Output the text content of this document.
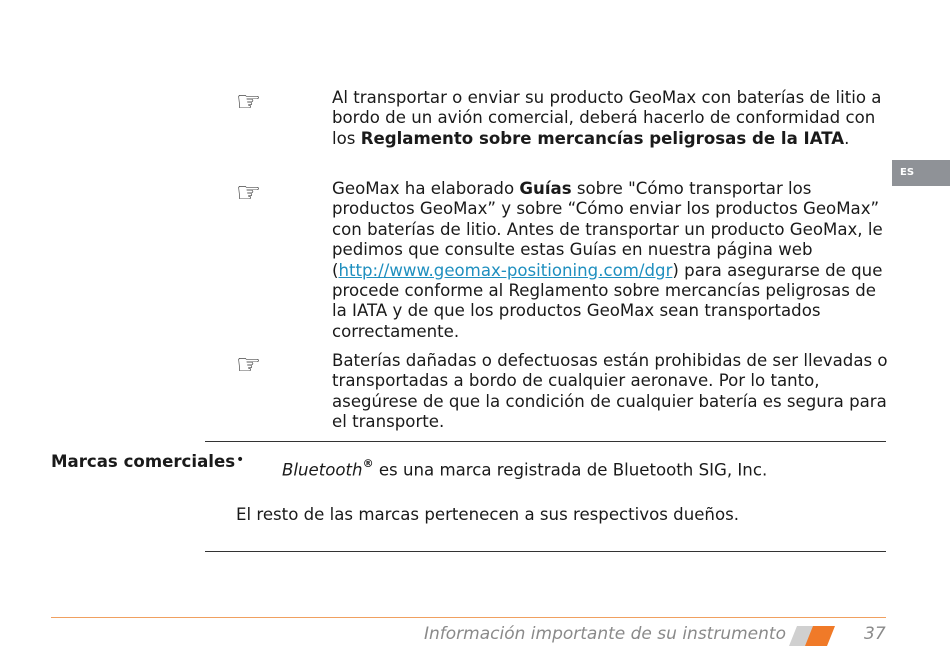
☞	Al transportar o enviar su producto GeoMax con baterías de litio a bordo de un avión comercial, deberá hacerlo de conformidad con los Reglamento sobre mercancías peligrosas de la IATA.
☞	GeoMax ha elaborado Guías sobre "Cómo transportar los productos GeoMax” y sobre “Cómo enviar los productos GeoMax” con baterías de litio. Antes de transportar un producto GeoMax, le pedimos que consulte estas Guías en nuestra página web (http://www.geomax-positioning.com/dgr) para asegurarse de que procede conforme al Reglamento sobre mercancías peligrosas de la IATA y de que los productos GeoMax sean transportados correctamente.
☞	Baterías dañadas o defectuosas están prohibidas de ser llevadas o transportadas a bordo de cualquier aeronave. Por lo tanto, asegúrese de que la condición de cualquier batería es segura para el transporte.
Marcas comerciales •
Bluetooth® es una marca registrada de Bluetooth SIG, Inc.
El resto de las marcas pertenecen a sus respectivos dueños.
ES
Información importante de su instrumento	37
